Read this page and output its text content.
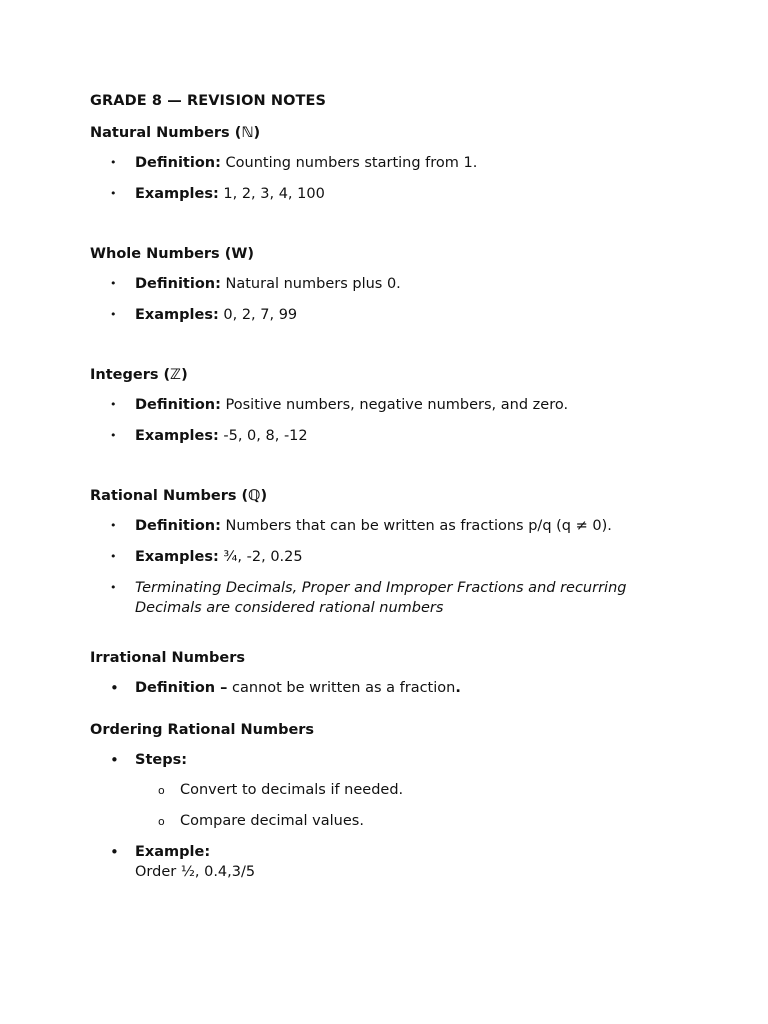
GRADE 8 — REVISION NOTES
Natural Numbers (ℕ)
• Definition: Counting numbers starting from 1.
• Examples: 1, 2, 3, 4, 100
Whole Numbers (W)
• Definition: Natural numbers plus 0.
• Examples: 0, 2, 7, 99
Integers (ℤ)
• Definition: Positive numbers, negative numbers, and zero.
• Examples: -5, 0, 8, -12
Rational Numbers (ℚ)
• Definition: Numbers that can be written as fractions p/q (q ≠ 0).
• Examples: ¾, -2, 0.25
• Terminating Decimals, Proper and Improper Fractions and recurring Decimals are considered rational numbers
Irrational Numbers
• Definition – cannot be written as a fraction.
Ordering Rational Numbers
• Steps:
o Convert to decimals if needed.
o Compare decimal values.
• Example:
Order ½, 0.4,3/5
